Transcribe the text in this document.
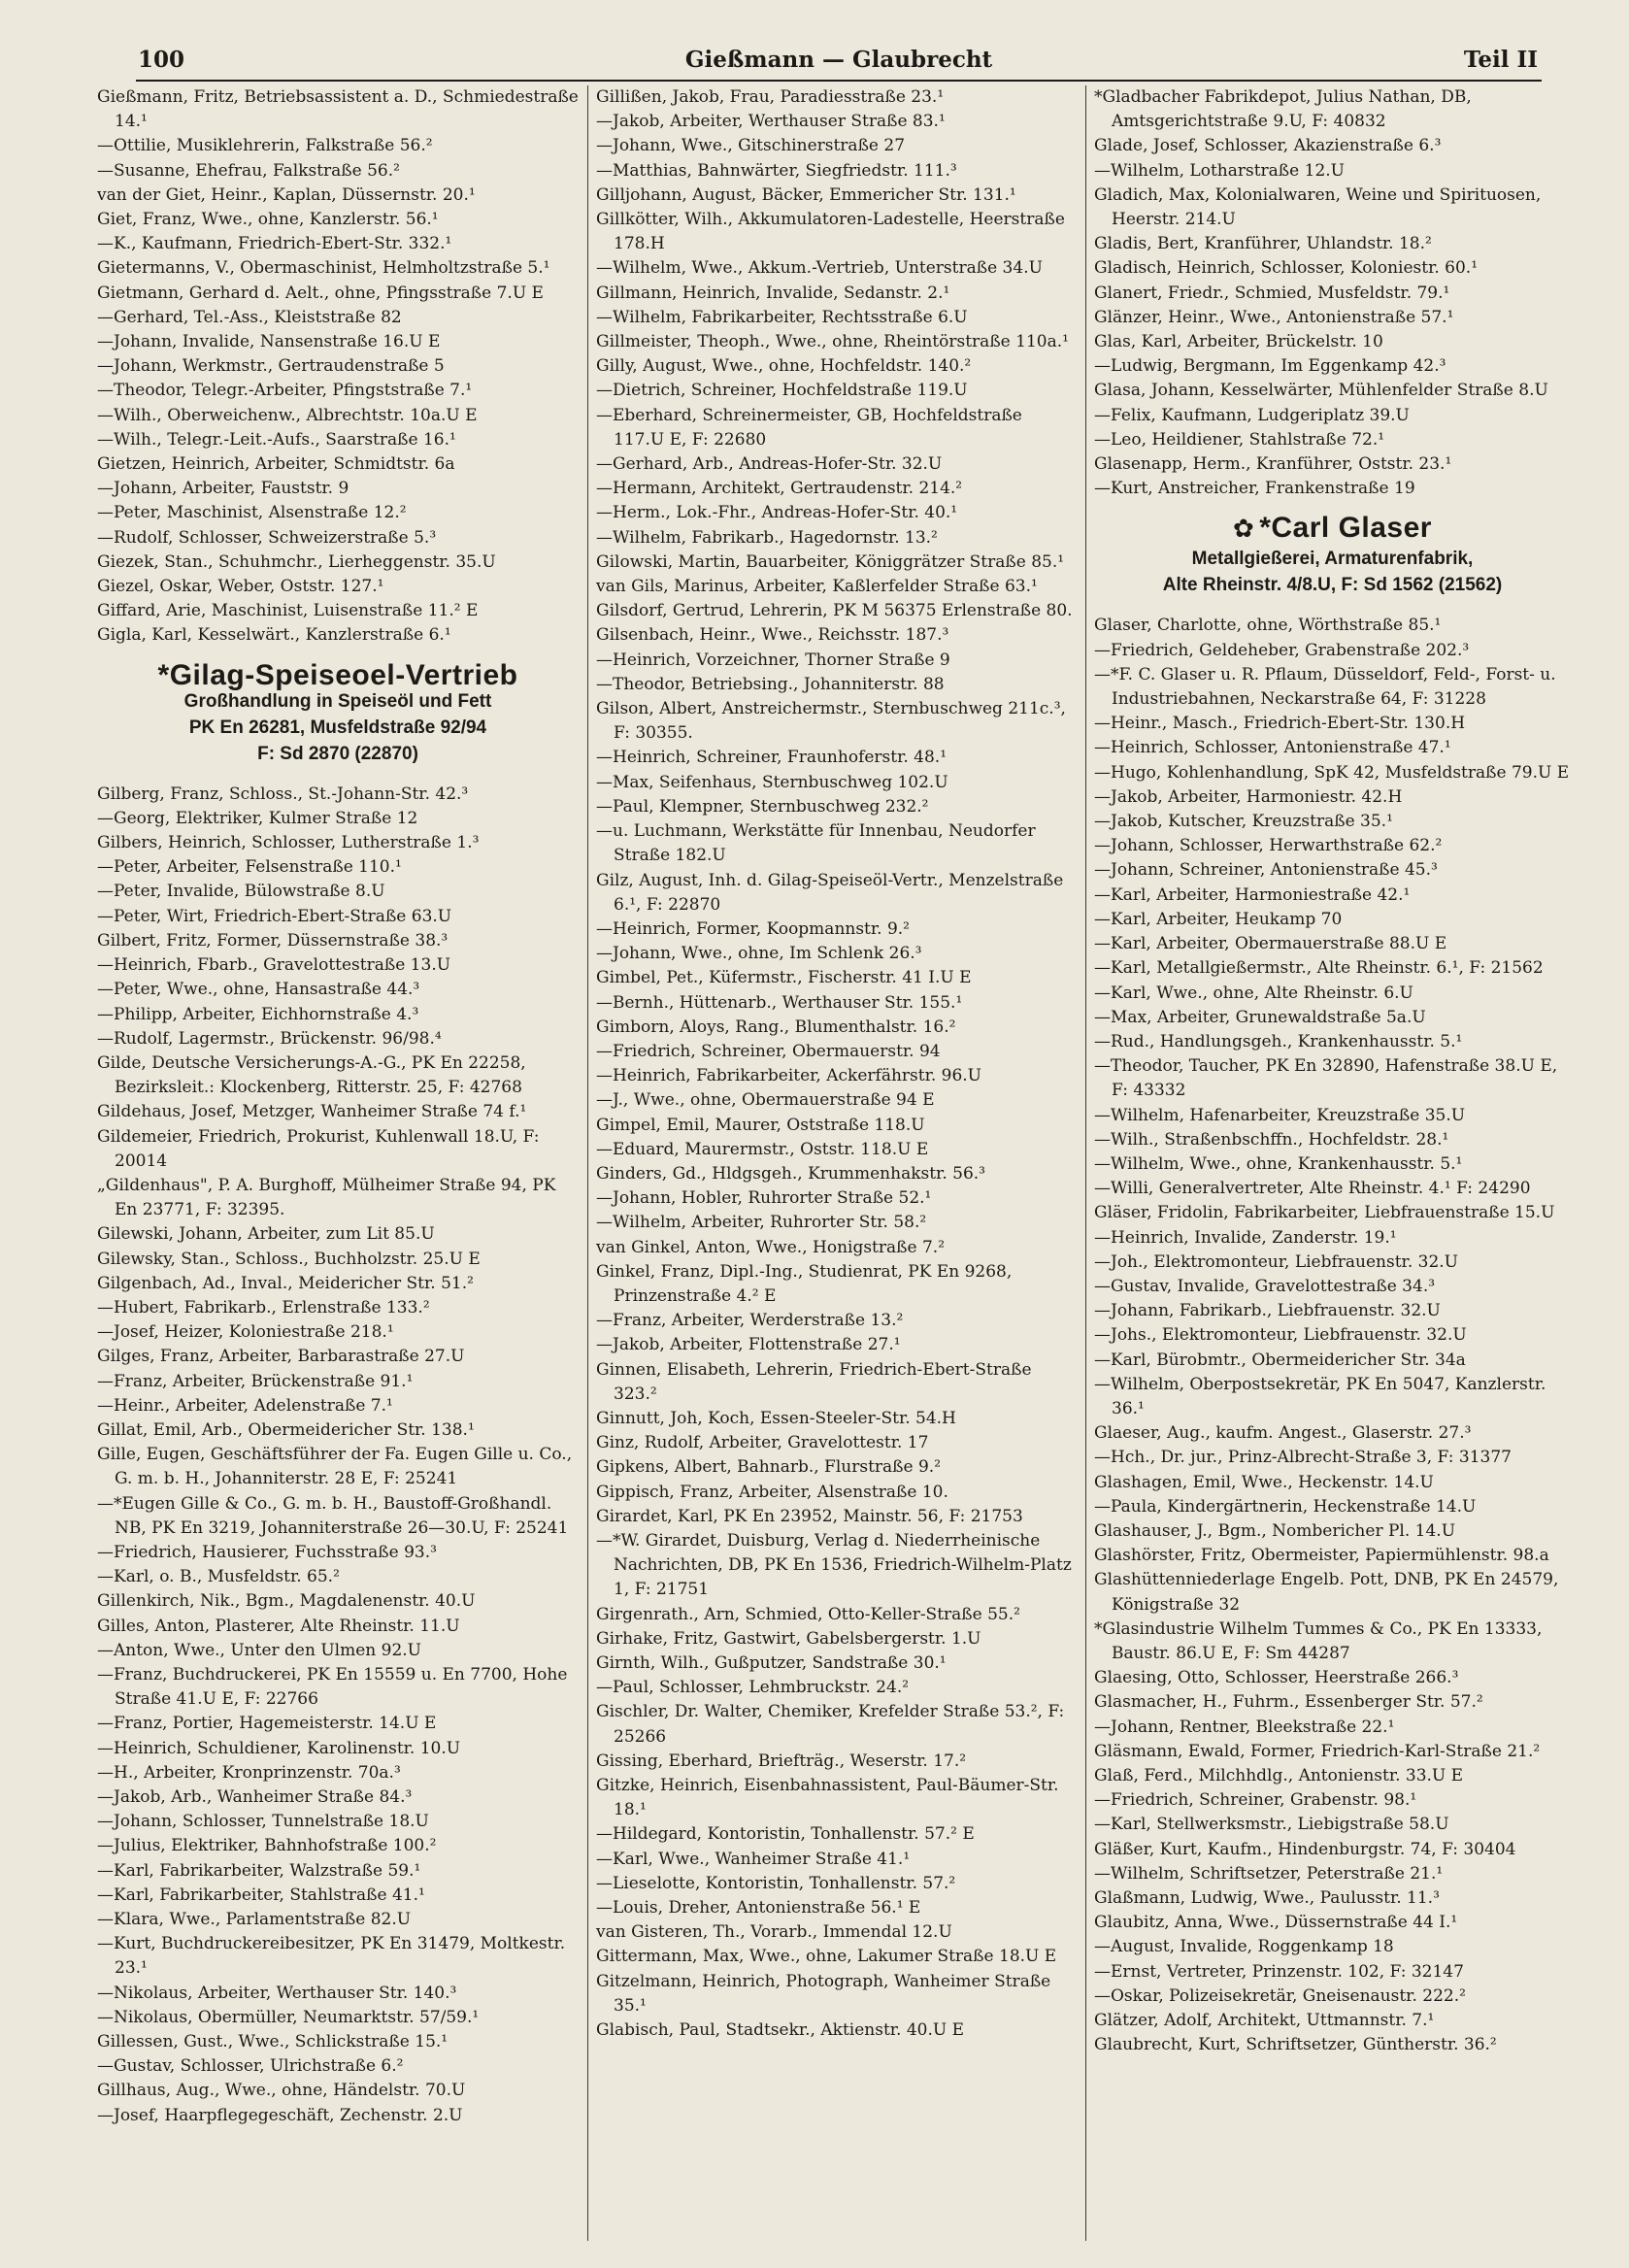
100	Gießmann — Glaubrecht	Teil II

Gießmann, Fritz, Betriebsassistent a. D., Schmiedestraße 14.¹

—Ottilie, Musiklehrerin, Falkstraße 56.²

—Susanne, Ehefrau, Falkstraße 56.²

van der Giet, Heinr., Kaplan, Düssernstr. 20.¹

Giet, Franz, Wwe., ohne, Kanzlerstr. 56.¹

—K., Kaufmann, Friedrich-Ebert-Str. 332.¹

Gietermanns, V., Obermaschinist, Helmholtzstraße 5.¹

Gietmann, Gerhard d. Aelt., ohne, Pfingsstraße 7.U E

—Gerhard, Tel.-Ass., Kleiststraße 82

—Johann, Invalide, Nansenstraße 16.U E

—Johann, Werkmstr., Gertraudenstraße 5

—Theodor, Telegr.-Arbeiter, Pfingststraße 7.¹

—Wilh., Oberweichenw., Albrechtstr. 10a.U E

—Wilh., Telegr.-Leit.-Aufs., Saarstraße 16.¹

Gietzen, Heinrich, Arbeiter, Schmidtstr. 6a

—Johann, Arbeiter, Fauststr. 9

—Peter, Maschinist, Alsenstraße 12.²

—Rudolf, Schlosser, Schweizerstraße 5.³

Giezek, Stan., Schuhmchr., Lierheggenstr. 35.U

Giezel, Oskar, Weber, Oststr. 127.¹

Giffard, Arie, Maschinist, Luisenstraße 11.² E

Gigla, Karl, Kesselwärt., Kanzlerstraße 6.¹

*Gilag-Speiseoel-Vertrieb
Großhandlung in Speiseöl und Fett
PK En 26281, Musfeldstraße 92/94
F: Sd 2870 (22870)

Gilberg, Franz, Schloss., St.-Johann-Str. 42.³

—Georg, Elektriker, Kulmer Straße 12

Gilbers, Heinrich, Schlosser, Lutherstraße 1.³

—Peter, Arbeiter, Felsenstraße 110.¹

—Peter, Invalide, Bülowstraße 8.U

—Peter, Wirt, Friedrich-Ebert-Straße 63.U

Gilbert, Fritz, Former, Düssernstraße 38.³

—Heinrich, Fbarb., Gravelottestraße 13.U

—Peter, Wwe., ohne, Hansastraße 44.³

—Philipp, Arbeiter, Eichhornstraße 4.³

—Rudolf, Lagermstr., Brückenstr. 96/98.⁴

Gilde, Deutsche Versicherungs-A.-G., PK En 22258, Bezirksleit.: Klockenberg, Ritterstr. 25, F: 42768

Gildehaus, Josef, Metzger, Wanheimer Straße 74 f.¹

Gildemeier, Friedrich, Prokurist, Kuhlenwall 18.U, F: 20014

„Gildenhaus", P. A. Burghoff, Mülheimer Straße 94, PK En 23771, F: 32395.

Gilewski, Johann, Arbeiter, zum Lit 85.U

Gilewsky, Stan., Schloss., Buchholzstr. 25.U E

Gilgenbach, Ad., Inval., Meidericher Str. 51.²

—Hubert, Fabrikarb., Erlenstraße 133.²

—Josef, Heizer, Koloniestraße 218.¹

Gilges, Franz, Arbeiter, Barbarastraße 27.U

—Franz, Arbeiter, Brückenstraße 91.¹

—Heinr., Arbeiter, Adelenstraße 7.¹

Gillat, Emil, Arb., Obermeidericher Str. 138.¹

Gille, Eugen, Geschäftsführer der Fa. Eugen Gille u. Co., G. m. b. H., Johanniterstr. 28 E, F: 25241

—*Eugen Gille & Co., G. m. b. H., Baustoff-Großhandl. NB, PK En 3219, Johanniterstraße 26—30.U, F: 25241

—Friedrich, Hausierer, Fuchsstraße 93.³

—Karl, o. B., Musfeldstr. 65.²

Gillenkirch, Nik., Bgm., Magdalenenstr. 40.U

Gilles, Anton, Plasterer, Alte Rheinstr. 11.U

—Anton, Wwe., Unter den Ulmen 92.U

—Franz, Buchdruckerei, PK En 15559 u. En 7700, Hohe Straße 41.U E, F: 22766

—Franz, Portier, Hagemeisterstr. 14.U E

—Heinrich, Schuldiener, Karolinenstr. 10.U

—H., Arbeiter, Kronprinzenstr. 70a.³

—Jakob, Arb., Wanheimer Straße 84.³

—Johann, Schlosser, Tunnelstraße 18.U

—Julius, Elektriker, Bahnhofstraße 100.²

—Karl, Fabrikarbeiter, Walzstraße 59.¹

—Karl, Fabrikarbeiter, Stahlstraße 41.¹

—Klara, Wwe., Parlamentstraße 82.U

—Kurt, Buchdruckereibesitzer, PK En 31479, Moltkestr. 23.¹

—Nikolaus, Arbeiter, Werthauser Str. 140.³

—Nikolaus, Obermüller, Neumarktstr. 57/59.¹

Gillessen, Gust., Wwe., Schlickstraße 15.¹

—Gustav, Schlosser, Ulrichstraße 6.²

Gillhaus, Aug., Wwe., ohne, Händelstr. 70.U

—Josef, Haarpflegegeschäft, Zechenstr. 2.U

Gillißen, Jakob, Frau, Paradiesstraße 23.¹

—Jakob, Arbeiter, Werthauser Straße 83.¹

—Johann, Wwe., Gitschinerstraße 27

—Matthias, Bahnwärter, Siegfriedstr. 111.³

Gilljohann, August, Bäcker, Emmericher Str. 131.¹

Gillkötter, Wilh., Akkumulatoren-Ladestelle, Heerstraße 178.H

—Wilhelm, Wwe., Akkum.-Vertrieb, Unterstraße 34.U

Gillmann, Heinrich, Invalide, Sedanstr. 2.¹

—Wilhelm, Fabrikarbeiter, Rechtsstraße 6.U

Gillmeister, Theoph., Wwe., ohne, Rheintörstraße 110a.¹

Gilly, August, Wwe., ohne, Hochfeldstr. 140.²

—Dietrich, Schreiner, Hochfeldstraße 119.U

—Eberhard, Schreinermeister, GB, Hochfeldstraße 117.U E, F: 22680

—Gerhard, Arb., Andreas-Hofer-Str. 32.U

—Hermann, Architekt, Gertraudenstr. 214.²

—Herm., Lok.-Fhr., Andreas-Hofer-Str. 40.¹

—Wilhelm, Fabrikarb., Hagedornstr. 13.²

Gilowski, Martin, Bauarbeiter, Königgrätzer Straße 85.¹

van Gils, Marinus, Arbeiter, Kaßlerfelder Straße 63.¹

Gilsdorf, Gertrud, Lehrerin, PK M 56375 Erlenstraße 80.

Gilsenbach, Heinr., Wwe., Reichsstr. 187.³

—Heinrich, Vorzeichner, Thorner Straße 9

—Theodor, Betriebsing., Johanniterstr. 88

Gilson, Albert, Anstreichermstr., Sternbuschweg 211c.³, F: 30355.

—Heinrich, Schreiner, Fraunhoferstr. 48.¹

—Max, Seifenhaus, Sternbuschweg 102.U

—Paul, Klempner, Sternbuschweg 232.²

—u. Luchmann, Werkstätte für Innenbau, Neudorfer Straße 182.U

Gilz, August, Inh. d. Gilag-Speiseöl-Vertr., Menzelstraße 6.¹, F: 22870

—Heinrich, Former, Koopmannstr. 9.²

—Johann, Wwe., ohne, Im Schlenk 26.³

Gimbel, Pet., Küfermstr., Fischerstr. 41 I.U E

—Bernh., Hüttenarb., Werthauser Str. 155.¹

Gimborn, Aloys, Rang., Blumenthalstr. 16.²

—Friedrich, Schreiner, Obermauerstr. 94

—Heinrich, Fabrikarbeiter, Ackerfährstr. 96.U

—J., Wwe., ohne, Obermauerstraße 94 E

Gimpel, Emil, Maurer, Oststraße 118.U

—Eduard, Maurermstr., Oststr. 118.U E

Ginders, Gd., Hldgsgeh., Krummenhakstr. 56.³

—Johann, Hobler, Ruhrorter Straße 52.¹

—Wilhelm, Arbeiter, Ruhrorter Str. 58.²

van Ginkel, Anton, Wwe., Honigstraße 7.²

Ginkel, Franz, Dipl.-Ing., Studienrat, PK En 9268, Prinzenstraße 4.² E

—Franz, Arbeiter, Werderstraße 13.²

—Jakob, Arbeiter, Flottenstraße 27.¹

Ginnen, Elisabeth, Lehrerin, Friedrich-Ebert-Straße 323.²

Ginnutt, Joh, Koch, Essen-Steeler-Str. 54.H

Ginz, Rudolf, Arbeiter, Gravelottestr. 17

Gipkens, Albert, Bahnarb., Flurstraße 9.²

Gippisch, Franz, Arbeiter, Alsenstraße 10.

Girardet, Karl, PK En 23952, Mainstr. 56, F: 21753

—*W. Girardet, Duisburg, Verlag d. Niederrheinische Nachrichten, DB, PK En 1536, Friedrich-Wilhelm-Platz 1, F: 21751

Girgenrath., Arn, Schmied, Otto-Keller-Straße 55.²

Girhake, Fritz, Gastwirt, Gabelsbergerstr. 1.U

Girnth, Wilh., Gußputzer, Sandstraße 30.¹

—Paul, Schlosser, Lehmbruckstr. 24.²

Gischler, Dr. Walter, Chemiker, Krefelder Straße 53.², F: 25266

Gissing, Eberhard, Briefträg., Weserstr. 17.²

Gitzke, Heinrich, Eisenbahnassistent, Paul-Bäumer-Str. 18.¹

—Hildegard, Kontoristin, Tonhallenstr. 57.² E

—Karl, Wwe., Wanheimer Straße 41.¹

—Lieselotte, Kontoristin, Tonhallenstr. 57.²

—Louis, Dreher, Antonienstraße 56.¹ E

van Gisteren, Th., Vorarb., Immendal 12.U

Gittermann, Max, Wwe., ohne, Lakumer Straße 18.U E

Gitzelmann, Heinrich, Photograph, Wanheimer Straße 35.¹

Glabisch, Paul, Stadtsekr., Aktienstr. 40.U E

*Gladbacher Fabrikdepot, Julius Nathan, DB, Amtsgerichtstraße 9.U, F: 40832

Glade, Josef, Schlosser, Akazienstraße 6.³

—Wilhelm, Lotharstraße 12.U

Gladich, Max, Kolonialwaren, Weine und Spirituosen, Heerstr. 214.U

Gladis, Bert, Kranführer, Uhlandstr. 18.²

Gladisch, Heinrich, Schlosser, Koloniestr. 60.¹

Glanert, Friedr., Schmied, Musfeldstr. 79.¹

Glänzer, Heinr., Wwe., Antonienstraße 57.¹

Glas, Karl, Arbeiter, Brückelstr. 10

—Ludwig, Bergmann, Im Eggenkamp 42.³

Glasa, Johann, Kesselwärter, Mühlenfelder Straße 8.U

—Felix, Kaufmann, Ludgeriplatz 39.U

—Leo, Heildiener, Stahlstraße 72.¹

Glasenapp, Herm., Kranführer, Oststr. 23.¹

—Kurt, Anstreicher, Frankenstraße 19

✿ *Carl Glaser
Metallgießerei, Armaturenfabrik,
Alte Rheinstr. 4/8.U, F: Sd 1562 (21562)

Glaser, Charlotte, ohne, Wörthstraße 85.¹

—Friedrich, Geldeheber, Grabenstraße 202.³

—*F. C. Glaser u. R. Pflaum, Düsseldorf, Feld-, Forst- u. Industriebahnen, Neckarstraße 64, F: 31228

—Heinr., Masch., Friedrich-Ebert-Str. 130.H

—Heinrich, Schlosser, Antonienstraße 47.¹

—Hugo, Kohlenhandlung, SpK 42, Musfeldstraße 79.U E

—Jakob, Arbeiter, Harmoniestr. 42.H

—Jakob, Kutscher, Kreuzstraße 35.¹

—Johann, Schlosser, Herwarthstraße 62.²

—Johann, Schreiner, Antonienstraße 45.³

—Karl, Arbeiter, Harmoniestraße 42.¹

—Karl, Arbeiter, Heukamp 70

—Karl, Arbeiter, Obermauerstraße 88.U E

—Karl, Metallgießermstr., Alte Rheinstr. 6.¹, F: 21562

—Karl, Wwe., ohne, Alte Rheinstr. 6.U

—Max, Arbeiter, Grunewaldstraße 5a.U

—Rud., Handlungsgeh., Krankenhausstr. 5.¹

—Theodor, Taucher, PK En 32890, Hafenstraße 38.U E, F: 43332

—Wilhelm, Hafenarbeiter, Kreuzstraße 35.U

—Wilh., Straßenbschffn., Hochfeldstr. 28.¹

—Wilhelm, Wwe., ohne, Krankenhausstr. 5.¹

—Willi, Generalvertreter, Alte Rheinstr. 4.¹ F: 24290

Gläser, Fridolin, Fabrikarbeiter, Liebfrauenstraße 15.U

—Heinrich, Invalide, Zanderstr. 19.¹

—Joh., Elektromonteur, Liebfrauenstr. 32.U

—Gustav, Invalide, Gravelottestraße 34.³

—Johann, Fabrikarb., Liebfrauenstr. 32.U

—Johs., Elektromonteur, Liebfrauenstr. 32.U

—Karl, Bürobmtr., Obermeidericher Str. 34a

—Wilhelm, Oberpostsekretär, PK En 5047, Kanzlerstr. 36.¹

Glaeser, Aug., kaufm. Angest., Glaserstr. 27.³

—Hch., Dr. jur., Prinz-Albrecht-Straße 3, F: 31377

Glashagen, Emil, Wwe., Heckenstr. 14.U

—Paula, Kindergärtnerin, Heckenstraße 14.U

Glashauser, J., Bgm., Nombericher Pl. 14.U

Glashörster, Fritz, Obermeister, Papiermühlenstr. 98.a

Glashüttenniederlage Engelb. Pott, DNB, PK En 24579, Königstraße 32

*Glasindustrie Wilhelm Tummes & Co., PK En 13333, Baustr. 86.U E, F: Sm 44287

Glaesing, Otto, Schlosser, Heerstraße 266.³

Glasmacher, H., Fuhrm., Essenberger Str. 57.²

—Johann, Rentner, Bleekstraße 22.¹

Gläsmann, Ewald, Former, Friedrich-Karl-Straße 21.²

Glaß, Ferd., Milchhdlg., Antonienstr. 33.U E

—Friedrich, Schreiner, Grabenstr. 98.¹

—Karl, Stellwerksmstr., Liebigstraße 58.U

Gläßer, Kurt, Kaufm., Hindenburgstr. 74, F: 30404

—Wilhelm, Schriftsetzer, Peterstraße 21.¹

Glaßmann, Ludwig, Wwe., Paulusstr. 11.³

Glaubitz, Anna, Wwe., Düssernstraße 44 I.¹

—August, Invalide, Roggenkamp 18

—Ernst, Vertreter, Prinzenstr. 102, F: 32147

—Oskar, Polizeisekretär, Gneisenaustr. 222.²

Glätzer, Adolf, Architekt, Uttmannstr. 7.¹

Glaubrecht, Kurt, Schriftsetzer, Güntherstr. 36.²
